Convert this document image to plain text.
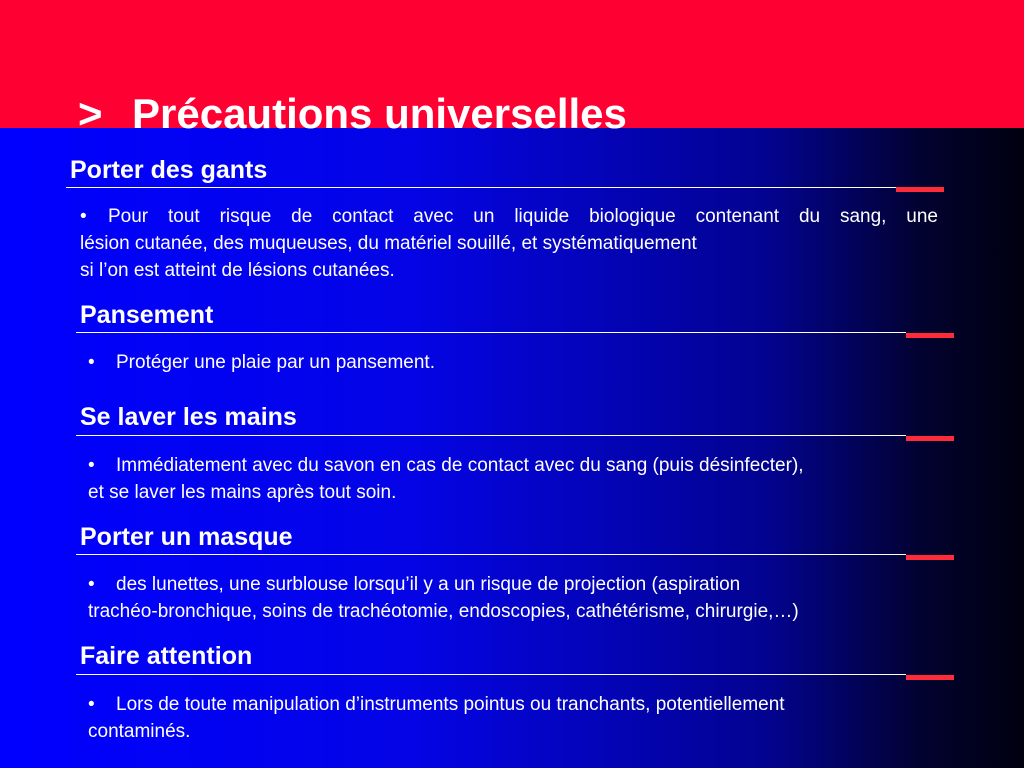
> Précautions universelles
Porter des gants
• Pour tout risque de contact avec un liquide biologique contenant du sang, une
lésion cutanée, des muqueuses, du matériel souillé, et systématiquement
si l’on est atteint de lésions cutanées.
Pansement
• Protéger une plaie par un pansement.
Se laver les mains
• Immédiatement avec du savon en cas de contact avec du sang (puis désinfecter),
et se laver les mains après tout soin.
Porter un masque
• des lunettes, une surblouse lorsqu’il y a un risque de projection (aspiration
trachéo-bronchique, soins de trachéotomie, endoscopies, cathétérisme, chirurgie,…)
Faire attention
• Lors de toute manipulation d’instruments pointus ou tranchants, potentiellement
contaminés.
